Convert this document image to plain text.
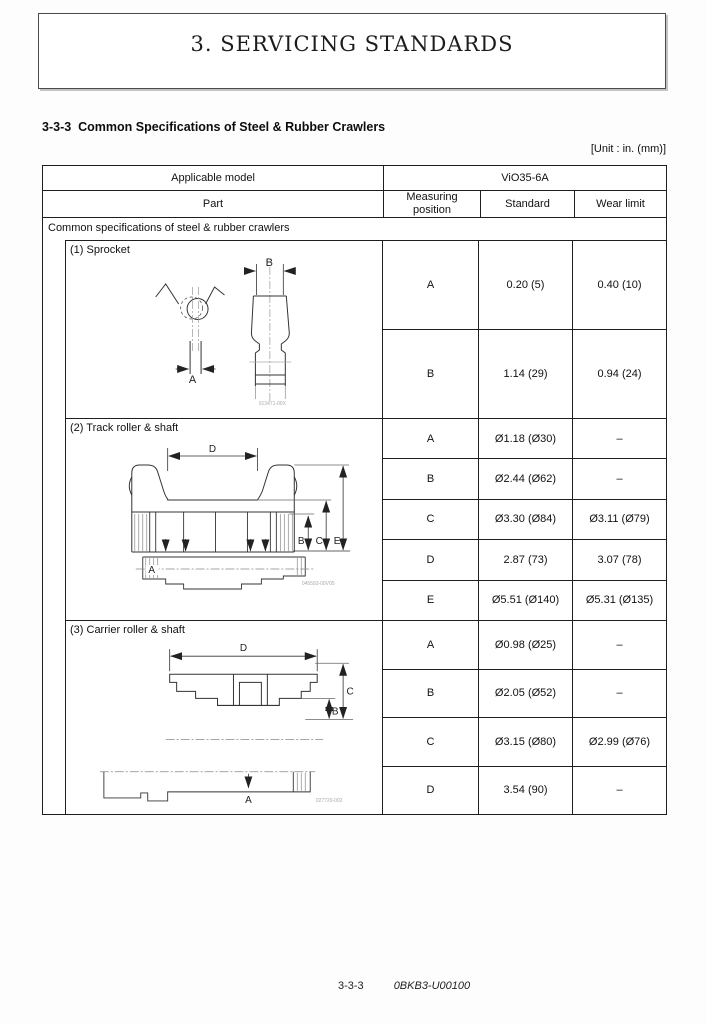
3. SERVICING STANDARDS
3-3-3  Common Specifications of Steel & Rubber Crawlers
[Unit : in. (mm)]
Applicable model	ViO35-6A
Part
Measuring position	Standard	Wear limit
Common specifications of steel & rubber crawlers
(1) Sprocket
A
B
013471-00X
A	0.20 (5)	0.40 (10)
B	1.14 (29)	0.94 (24)
(2) Track roller & shaft
D
A
B C E
045593-00V05
A	Ø1.18 (Ø30)	–
B	Ø2.44 (Ø62)	–
C	Ø3.30 (Ø84)	Ø3.11 (Ø79)
D	2.87 (73)	3.07 (78)
E	Ø5.51 (Ø140)	Ø5.31 (Ø135)
(3) Carrier roller & shaft
D
C
B
A	027720-002
A	Ø0.98 (Ø25)	–
B	Ø2.05 (Ø52)	–
C	Ø3.15 (Ø80)	Ø2.99 (Ø76)
D	3.54 (90)	–
3-3-3	0BKB3-U00100
